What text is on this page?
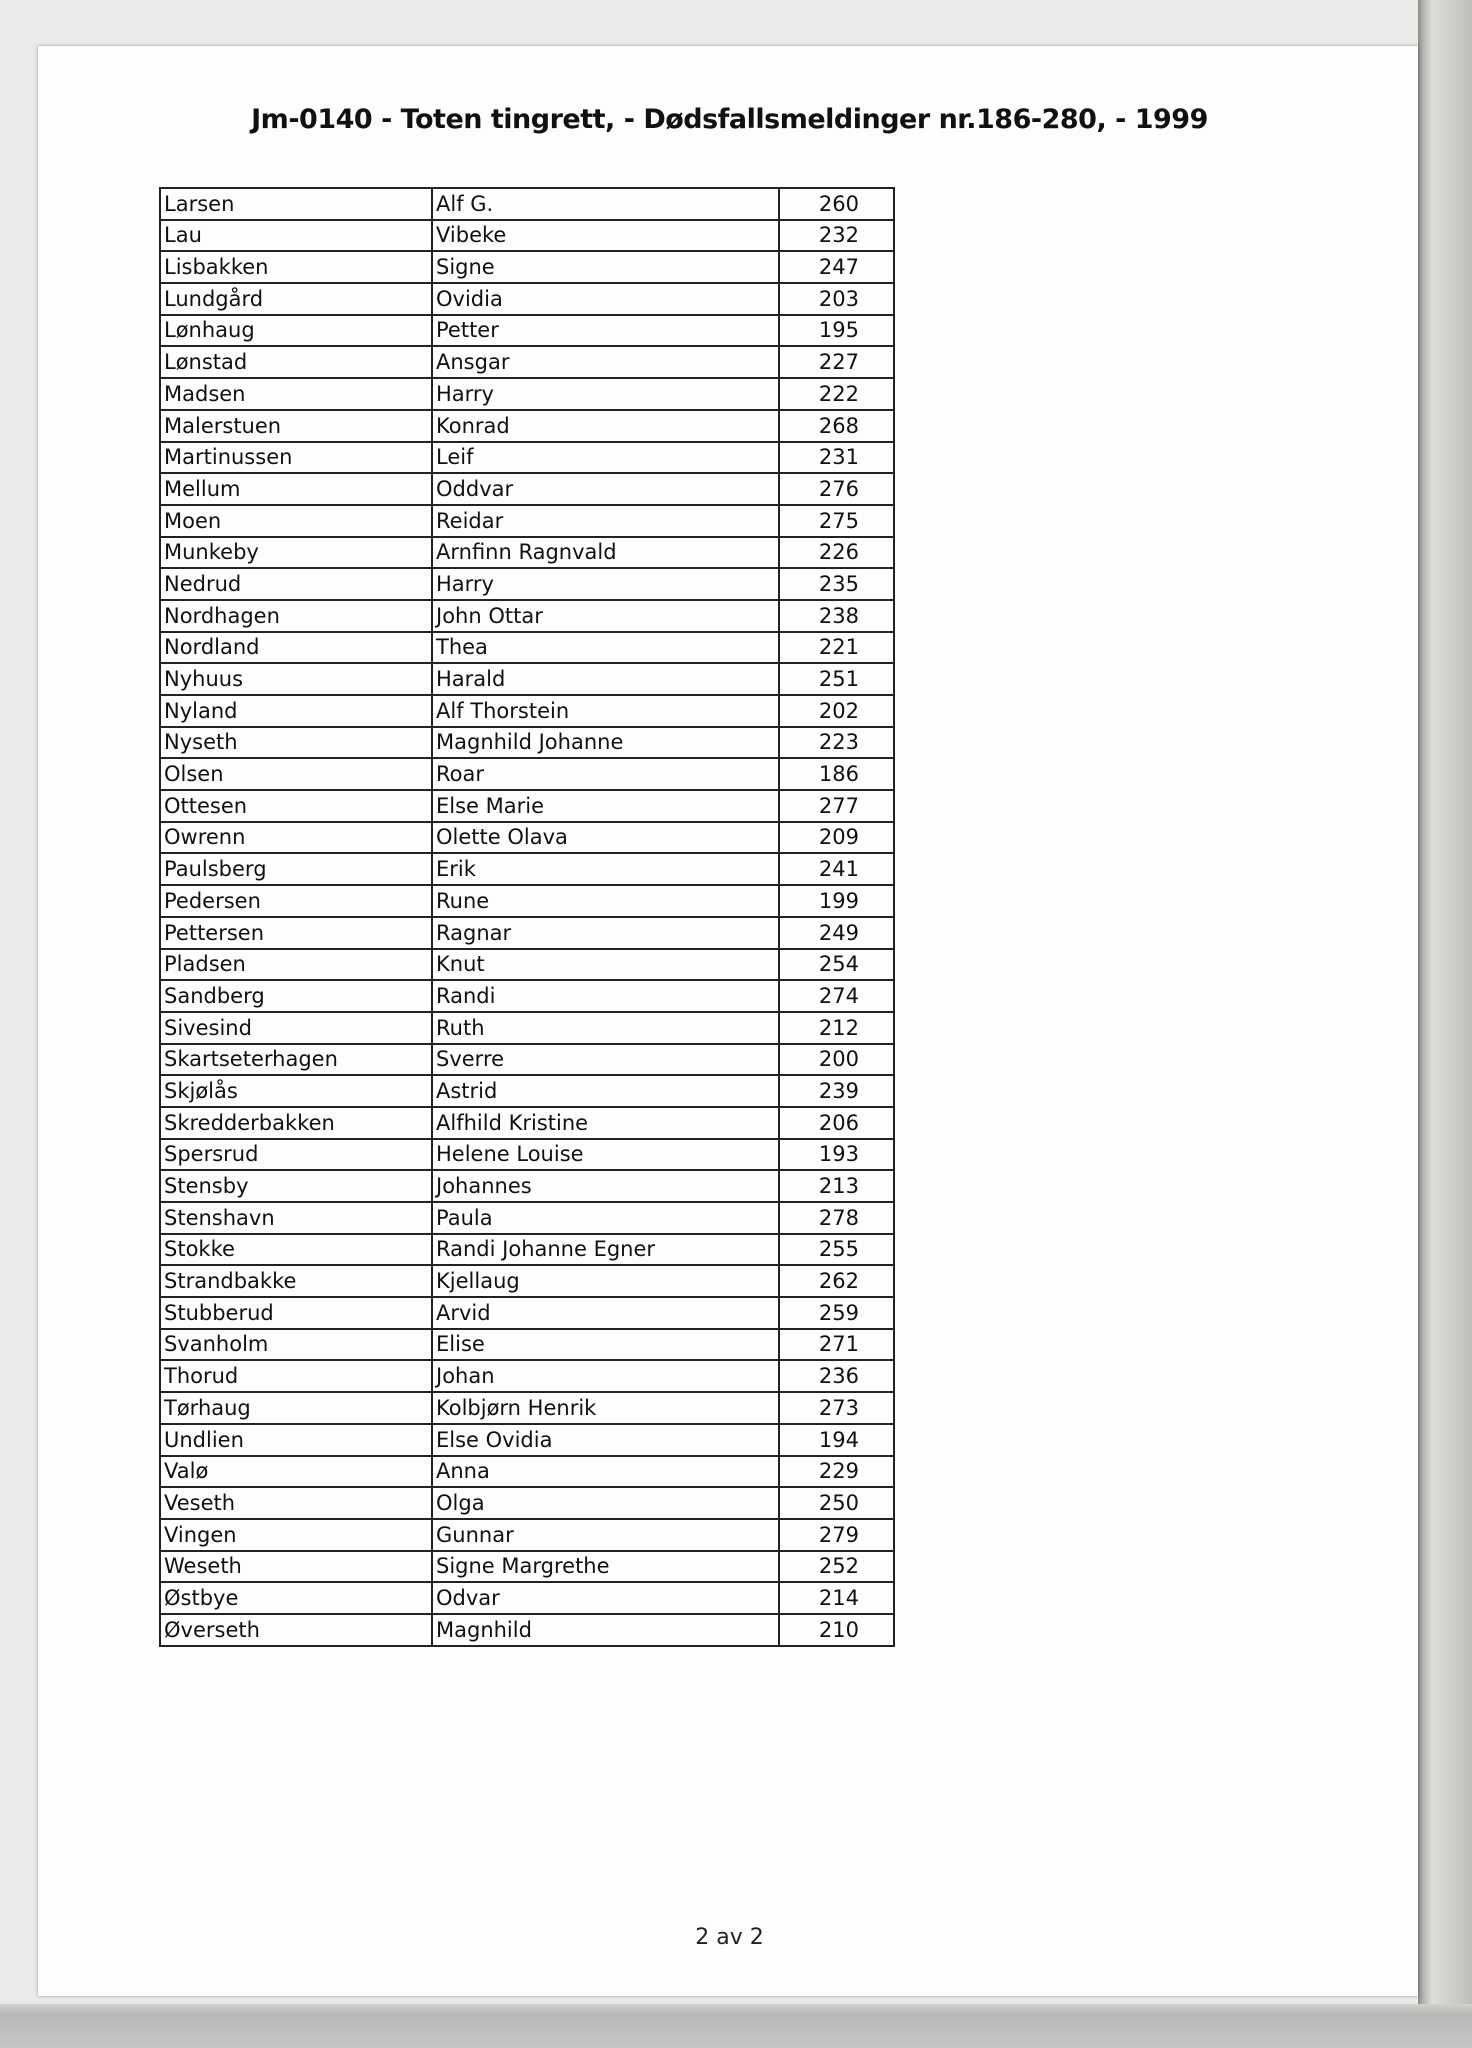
Jm-0140 - Toten tingrett, - Dødsfallsmeldinger nr.186-280, - 1999
Larsen	Alf G.	260
Lau	Vibeke	232
Lisbakken	Signe	247
Lundgård	Ovidia	203
Lønhaug	Petter	195
Lønstad	Ansgar	227
Madsen	Harry	222
Malerstuen	Konrad	268
Martinussen	Leif	231
Mellum	Oddvar	276
Moen	Reidar	275
Munkeby	Arnfinn Ragnvald	226
Nedrud	Harry	235
Nordhagen	John Ottar	238
Nordland	Thea	221
Nyhuus	Harald	251
Nyland	Alf Thorstein	202
Nyseth	Magnhild Johanne	223
Olsen	Roar	186
Ottesen	Else Marie	277
Owrenn	Olette Olava	209
Paulsberg	Erik	241
Pedersen	Rune	199
Pettersen	Ragnar	249
Pladsen	Knut	254
Sandberg	Randi	274
Sivesind	Ruth	212
Skartseterhagen	Sverre	200
Skjølås	Astrid	239
Skredderbakken	Alfhild Kristine	206
Spersrud	Helene Louise	193
Stensby	Johannes	213
Stenshavn	Paula	278
Stokke	Randi Johanne Egner	255
Strandbakke	Kjellaug	262
Stubberud	Arvid	259
Svanholm	Elise	271
Thorud	Johan	236
Tørhaug	Kolbjørn Henrik	273
Undlien	Else Ovidia	194
Valø	Anna	229
Veseth	Olga	250
Vingen	Gunnar	279
Weseth	Signe Margrethe	252
Østbye	Odvar	214
Øverseth	Magnhild	210
2 av 2
